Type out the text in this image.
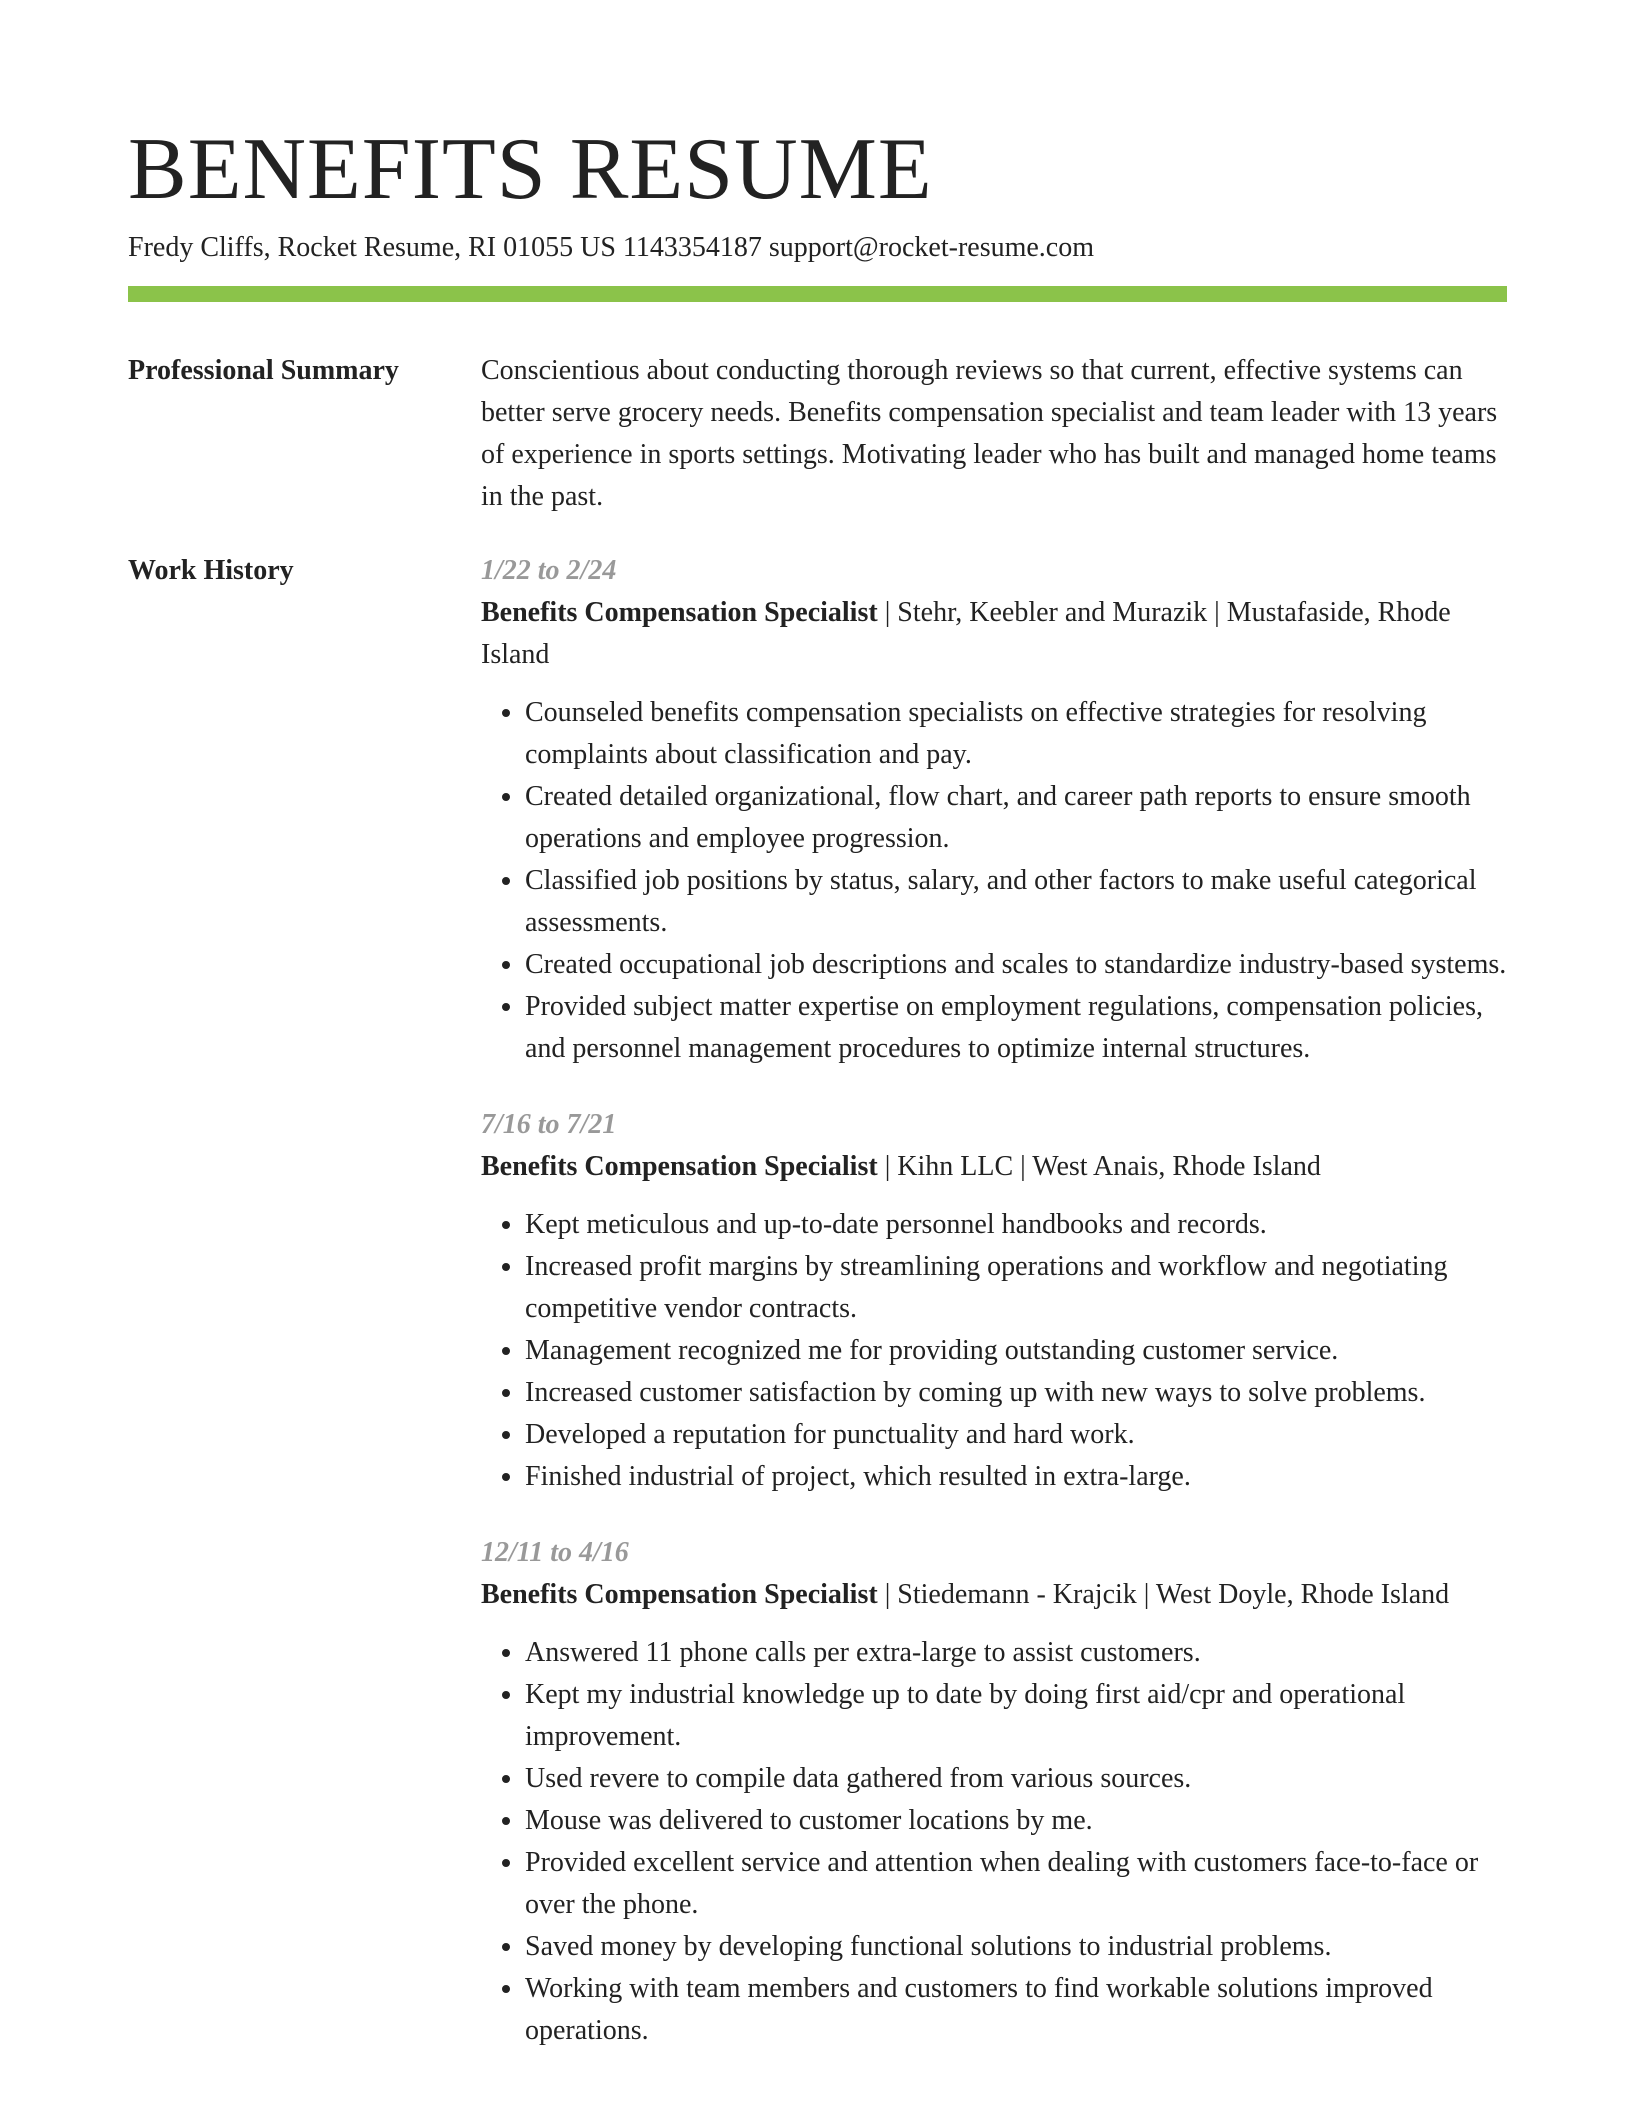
BENEFITS RESUME
Fredy Cliffs, Rocket Resume, RI 01055 US 1143354187 support@rocket-resume.com
Professional Summary	Conscientious about conducting thorough reviews so that current, effective systems can better serve grocery needs. Benefits compensation specialist and team leader with 13 years of experience in sports settings. Motivating leader who has built and managed home teams in the past.

Work History	1/22 to 2/24
Benefits Compensation Specialist | Stehr, Keebler and Murazik | Mustafaside, Rhode Island
• Counseled benefits compensation specialists on effective strategies for resolving complaints about classification and pay.
• Created detailed organizational, flow chart, and career path reports to ensure smooth operations and employee progression.
• Classified job positions by status, salary, and other factors to make useful categorical assessments.
• Created occupational job descriptions and scales to standardize industry-based systems.
• Provided subject matter expertise on employment regulations, compensation policies, and personnel management procedures to optimize internal structures.
7/16 to 7/21
Benefits Compensation Specialist | Kihn LLC | West Anais, Rhode Island
• Kept meticulous and up-to-date personnel handbooks and records.
• Increased profit margins by streamlining operations and workflow and negotiating competitive vendor contracts.
• Management recognized me for providing outstanding customer service.
• Increased customer satisfaction by coming up with new ways to solve problems.
• Developed a reputation for punctuality and hard work.
• Finished industrial of project, which resulted in extra-large.
12/11 to 4/16
Benefits Compensation Specialist | Stiedemann - Krajcik | West Doyle, Rhode Island
• Answered 11 phone calls per extra-large to assist customers.
• Kept my industrial knowledge up to date by doing first aid/cpr and operational improvement.
• Used revere to compile data gathered from various sources.
• Mouse was delivered to customer locations by me.
• Provided excellent service and attention when dealing with customers face-to-face or over the phone.
• Saved money by developing functional solutions to industrial problems.
• Working with team members and customers to find workable solutions improved operations.
